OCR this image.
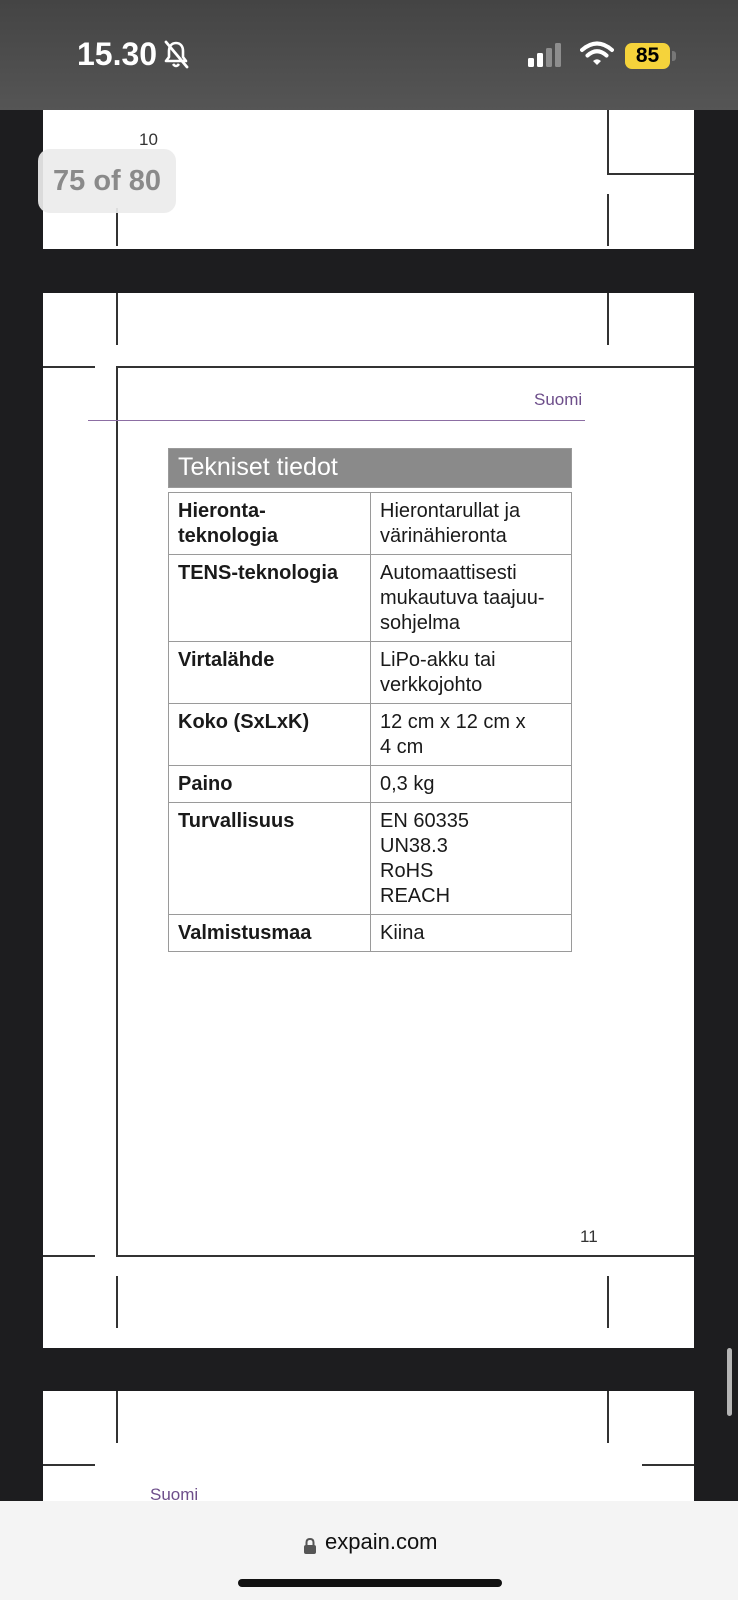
15.30	85
10
75 of 80
Suomi
Tekniset tiedot	

Hieronta-
teknologia	Hierontarullat ja
värinähieronta
TENS-teknologia	Automaattisesti
mukautuva taajuu-
sohjelma
Virtalähde	LiPo-akku tai
verkkojohto
Koko (SxLxK)	12 cm x 12 cm x
4 cm
Paino	0,3 kg
Turvallisuus	EN 60335
UN38.3
RoHS
REACH
Valmistusmaa	Kiina
11
Suomi
expain.com
